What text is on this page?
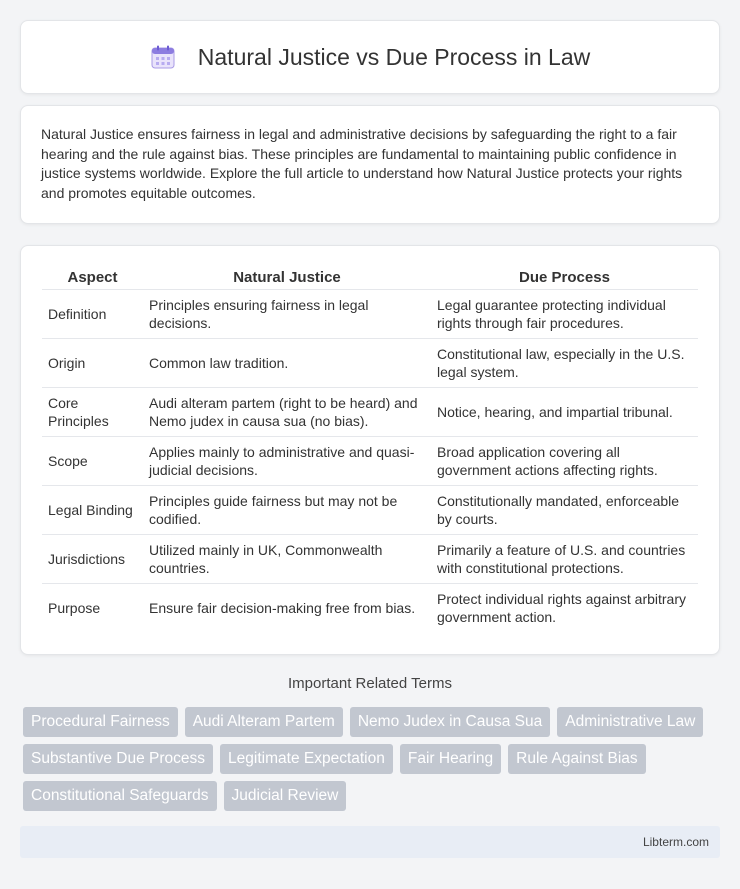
Natural Justice vs Due Process in Law

Natural Justice ensures fairness in legal and administrative decisions by safeguarding the right to a fair hearing and the rule against bias. These principles are fundamental to maintaining public confidence in justice systems worldwide. Explore the full article to understand how Natural Justice protects your rights and promotes equitable outcomes.

Aspect	Natural Justice	Due Process
Definition	Principles ensuring fairness in legal decisions.	Legal guarantee protecting individual rights through fair procedures.
Origin	Common law tradition.	Constitutional law, especially in the U.S. legal system.
Core Principles	Audi alteram partem (right to be heard) and Nemo judex in causa sua (no bias).	Notice, hearing, and impartial tribunal.
Scope	Applies mainly to administrative and quasi-judicial decisions.	Broad application covering all government actions affecting rights.
Legal Binding	Principles guide fairness but may not be codified.	Constitutionally mandated, enforceable by courts.
Jurisdictions	Utilized mainly in UK, Commonwealth countries.	Primarily a feature of U.S. and countries with constitutional protections.
Purpose	Ensure fair decision-making free from bias.	Protect individual rights against arbitrary government action.
Important Related Terms
Procedural Fairness	Audi Alteram Partem	Nemo Judex in Causa Sua	Administrative Law
Substantive Due Process	Legitimate Expectation	Fair Hearing	Rule Against Bias
Constitutional Safeguards	Judicial Review
Libterm.com
